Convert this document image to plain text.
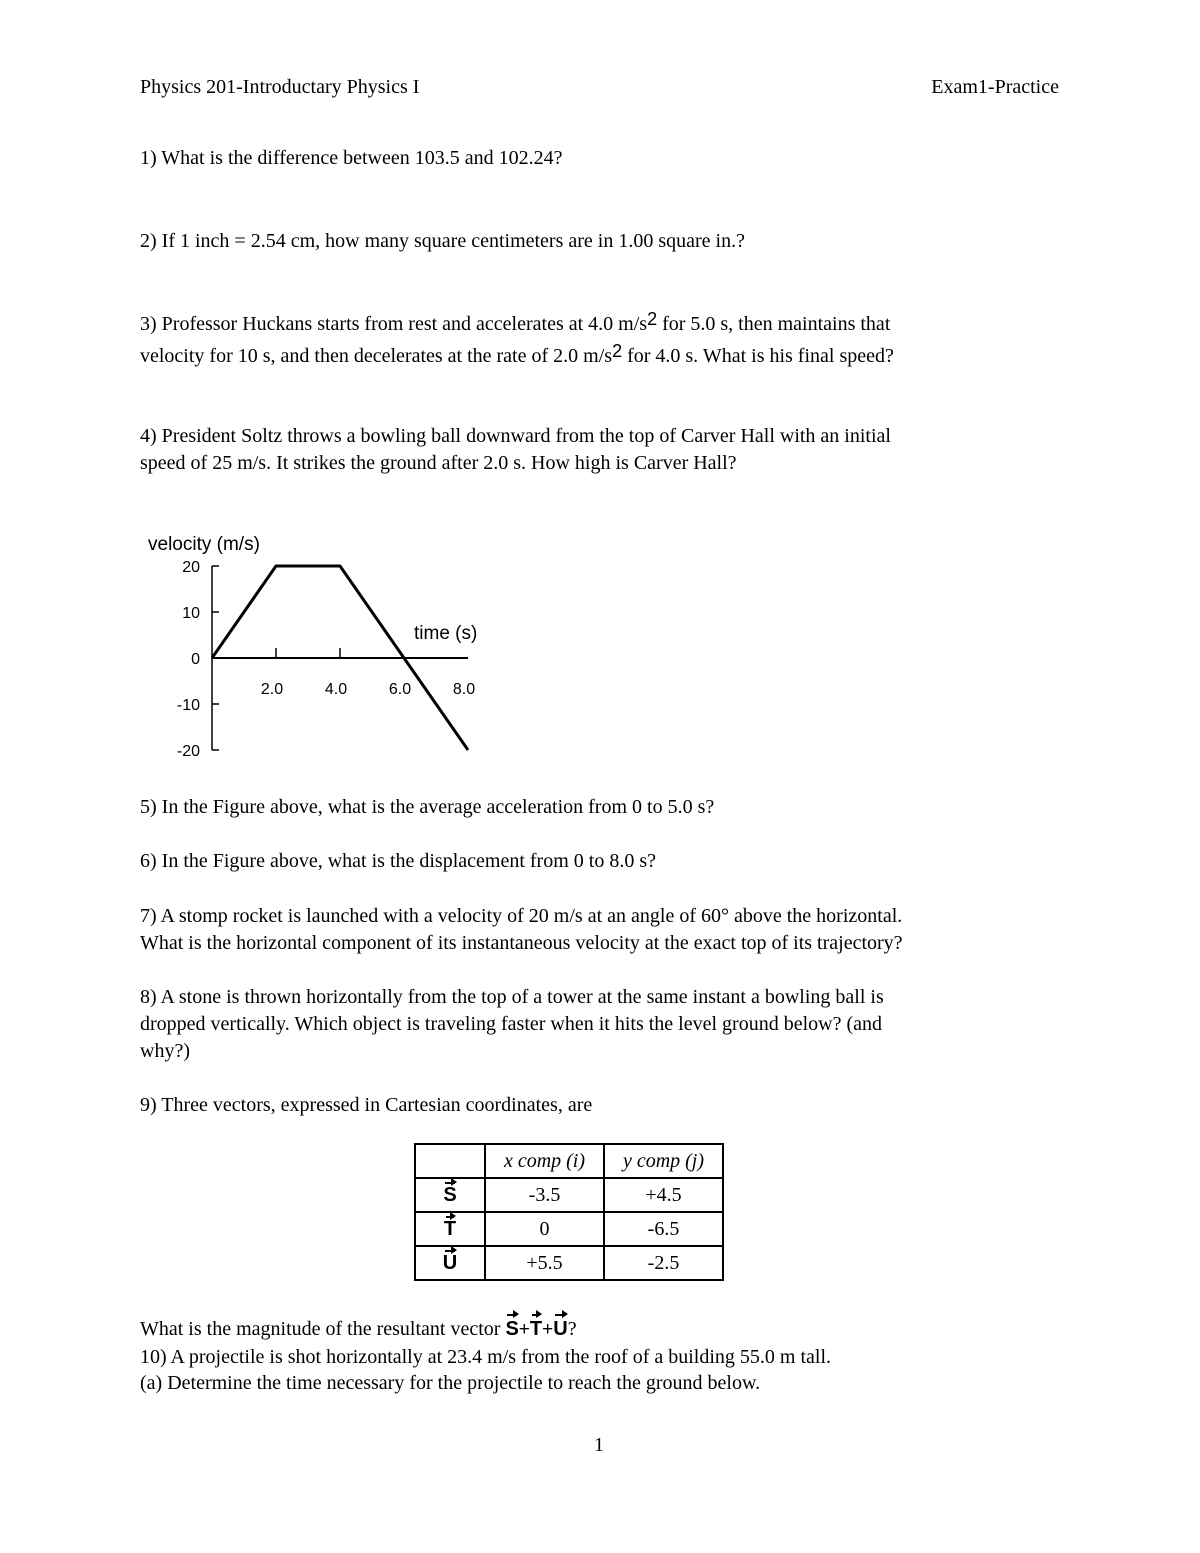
Physics 201-Introductary Physics I	Exam1-Practice
1) What is the difference between 103.5 and 102.24?
2) If 1 inch = 2.54 cm, how many square centimeters are in 1.00 square in.?
3) Professor Huckans starts from rest and accelerates at 4.0 m/s2 for 5.0 s, then maintains that
velocity for 10 s, and then decelerates at the rate of 2.0 m/s2 for 4.0 s. What is his final speed?
4) President Soltz throws a bowling ball downward from the top of Carver Hall with an initial
speed of 25 m/s. It strikes the ground after 2.0 s. How high is Carver Hall?
velocity (m/s)
time (s)
20
10
0
-10
-20
2.0	4.0	6.0	8.0
5) In the Figure above, what is the average acceleration from 0 to 5.0 s?
6) In the Figure above, what is the displacement from 0 to 8.0 s?
7) A stomp rocket is launched with a velocity of 20 m/s at an angle of 60° above the horizontal.
What is the horizontal component of its instantaneous velocity at the exact top of its trajectory?
8) A stone is thrown horizontally from the top of a tower at the same instant a bowling ball is
dropped vertically. Which object is traveling faster when it hits the level ground below? (and
why?)
9) Three vectors, expressed in Cartesian coordinates, are
	x comp (i)	y comp (j)
S	-3.5	+4.5
T	0	-6.5
U	+5.5	-2.5
What is the magnitude of the resultant vector S+T+U?
10) A projectile is shot horizontally at 23.4 m/s from the roof of a building 55.0 m tall.
(a) Determine the time necessary for the projectile to reach the ground below.
1
